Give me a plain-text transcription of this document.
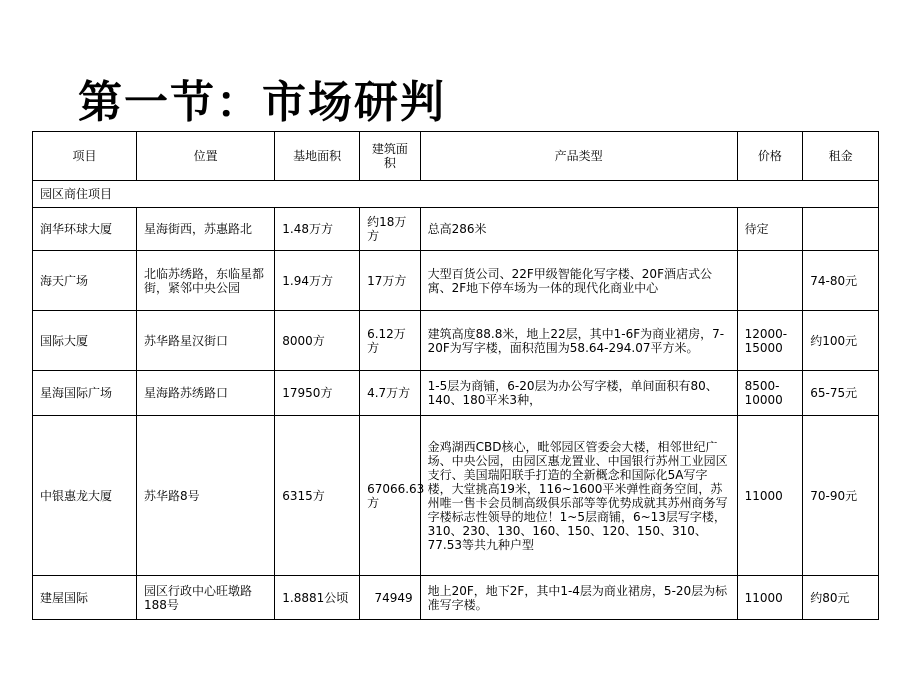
第一节：市场研判
项目	位置	基地面积	建筑面积	产品类型	价格	租金
园区商住项目						
润华环球大厦	星海街西，苏惠路北	1.48万方	约18万方	总高286米	待定	
海天广场	北临苏绣路，东临星都街，紧邻中央公园	1.94万方	17万方	大型百货公司、22F甲级智能化写字楼、20F酒店式公寓、2F地下停车场为一体的现代化商业中心		74-80元
国际大厦	苏华路星汉街口	8000方	6.12万方	建筑高度88.8米，地上22层，其中1-6F为商业裙房，7-20F为写字楼，面积范围为58.64-294.07平方米。	12000-15000	约100元
星海国际广场	星海路苏绣路口	17950方	4.7万方	1-5层为商铺，6-20层为办公写字楼，单间面积有80、140、180平米3种，	8500-10000	65-75元
中银惠龙大厦	苏华路8号	6315方	67066.63方	金鸡湖西CBD核心，毗邻园区管委会大楼，相邻世纪广场、中央公园，由园区惠龙置业、中国银行苏州工业园区支行、美国瑞阳联手打造的全新概念和国际化5A写字楼，大堂挑高19米，116~1600平米弹性商务空间，苏州唯一售卡会员制高级俱乐部等等优势成就其苏州商务写字楼标志性领导的地位！1~5层商铺，6~13层写字楼，310、230、130、160、150、120、150、310、77.53等共九种户型	11000	70-90元
建屋国际	园区行政中心旺墩路188号	1.8881公顷	74949	地上20F，地下2F，其中1-4层为商业裙房，5-20层为标准写字楼。	11000	约80元
